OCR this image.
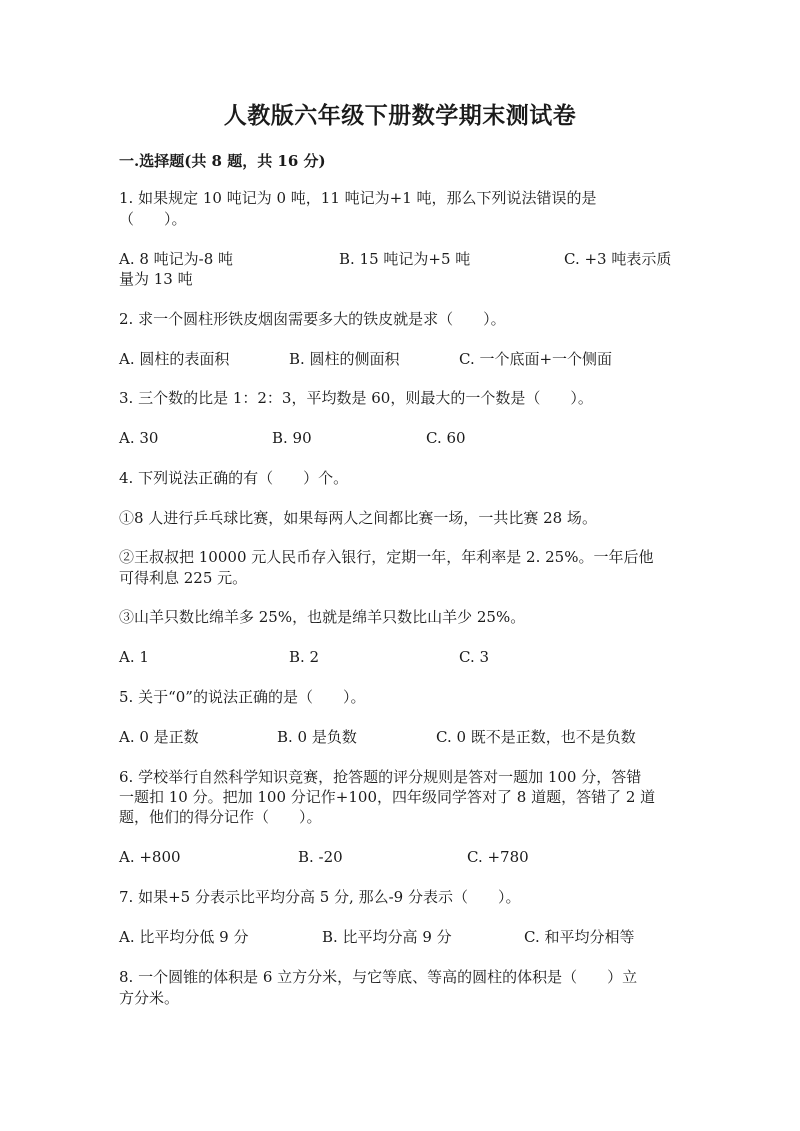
人教版六年级下册数学期末测试卷
一.选择题(共 8 题，共 16 分)
1. 如果规定 10 吨记为 0 吨，11 吨记为+1 吨，那么下列说法错误的是
（　　）。
A. 8 吨记为-8 吨	B. 15 吨记为+5 吨	C. +3 吨表示质
量为 13 吨
2. 求一个圆柱形铁皮烟囱需要多大的铁皮就是求（　　）。
A. 圆柱的表面积	B. 圆柱的侧面积	C. 一个底面+一个侧面
3. 三个数的比是 1：2：3，平均数是 60，则最大的一个数是（　　）。
A. 30	B. 90	C. 60
4. 下列说法正确的有（　　）个。
①8 人进行乒乓球比赛，如果每两人之间都比赛一场，一共比赛 28 场。
②王叔叔把 10000 元人民币存入银行，定期一年，年利率是 2. 25%。一年后他
可得利息 225 元。
③山羊只数比绵羊多 25%，也就是绵羊只数比山羊少 25%。
A. 1	B. 2	C. 3
5. 关于“0”的说法正确的是（　　）。
A. 0 是正数	B. 0 是负数	C. 0 既不是正数，也不是负数
6. 学校举行自然科学知识竞赛，抢答题的评分规则是答对一题加 100 分，答错
一题扣 10 分。把加 100 分记作+100，四年级同学答对了 8 道题，答错了 2 道
题，他们的得分记作（　　）。
A. +800	B. -20	C. +780
7. 如果+5 分表示比平均分高 5 分, 那么-9 分表示（　　）。
A. 比平均分低 9 分	B. 比平均分高 9 分	C. 和平均分相等
8. 一个圆锥的体积是 6 立方分米，与它等底、等高的圆柱的体积是（　　）立
方分米。
